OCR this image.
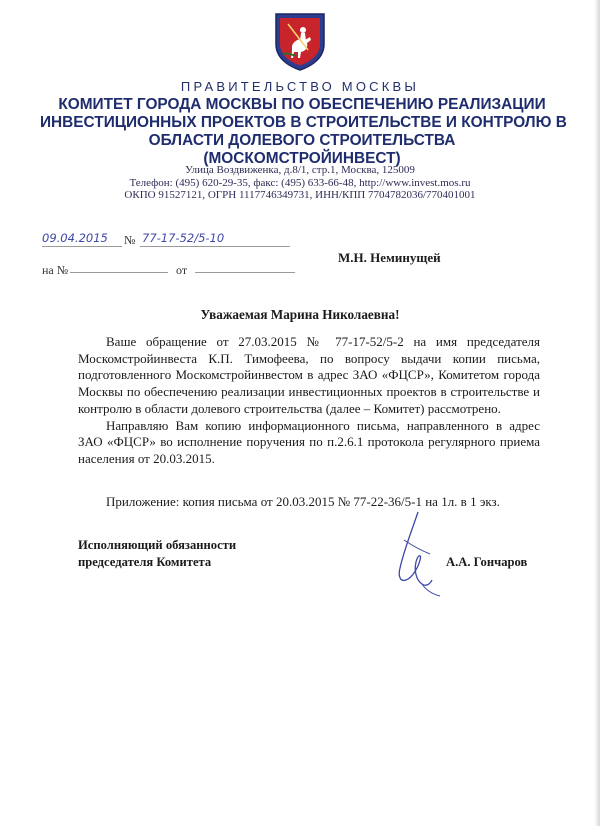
ПРАВИТЕЛЬСТВО МОСКВЫ
КОМИТЕТ ГОРОДА МОСКВЫ ПО ОБЕСПЕЧЕНИЮ РЕАЛИЗАЦИИ
ИНВЕСТИЦИОННЫХ ПРОЕКТОВ В СТРОИТЕЛЬСТВЕ И КОНТРОЛЮ В
ОБЛАСТИ ДОЛЕВОГО СТРОИТЕЛЬСТВА
(МОСКОМСТРОЙИНВЕСТ)
Улица Воздвиженка, д.8/1, стр.1, Москва, 125009
Телефон: (495) 620-29-35, факс: (495) 633-66-48, http://www.invest.mos.ru
ОКПО 91527121, ОГРН 1117746349731, ИНН/КПП 7704782036/770401001
09.04.2015 № 77-17-52/5-10
на №	от
М.Н. Неминущей
Уважаемая Марина Николаевна!

Ваше обращение от 27.03.2015 № 77-17-52/5-2 на имя председателя Москомстройинвеста К.П. Тимофеева, по вопросу выдачи копии письма, подготовленного Москомстройинвестом в адрес ЗАО «ФЦСР», Комитетом города Москвы по обеспечению реализации инвестиционных проектов в строительстве и контролю в области долевого строительства (далее – Комитет) рассмотрено.

Направляю Вам копию информационного письма, направленного в адрес ЗАО «ФЦСР» во исполнение поручения по п.2.6.1 протокола регулярного приема населения от 20.03.2015.

Приложение: копия письма от 20.03.2015 № 77-22-36/5-1 на 1л. в 1 экз.
Исполняющий обязанности
председателя Комитета	А.А. Гончаров
